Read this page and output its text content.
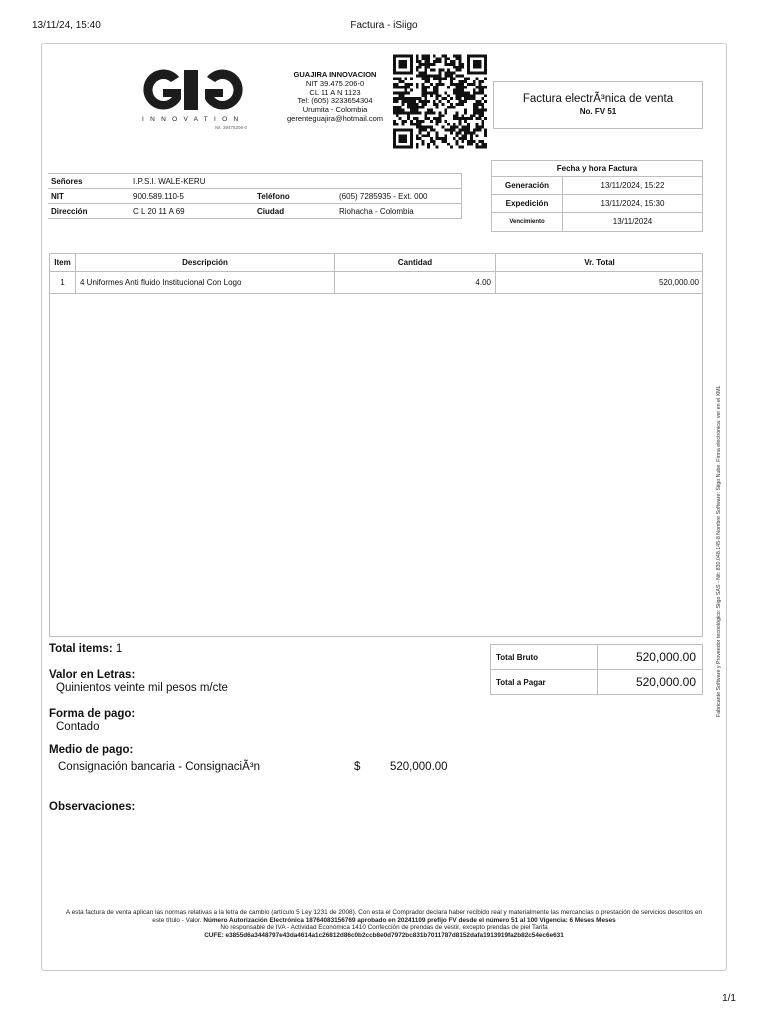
13/11/24, 15:40	Factura - iSiigo
INNOVATION
Nit. 39475206-0
GUAJIRA INNOVACION
NIT 39.475.206-0
CL 11 A N 1123
Tel: (605) 3233654304
Urumita - Colombia
gerenteguajira@hotmail.com
Factura electrÃ³nica de venta
No. FV 51
Señores	I.P.S.I. WALE-KERU
NIT	900.589.110-5	Teléfono	(605) 7285935 - Ext. 000
Dirección	C L 20 11 A 69	Ciudad	Riohacha - Colombia
Fecha y hora Factura
Generación	13/11/2024, 15:22
Expedición	13/11/2024, 15:30
Vencimiento	13/11/2024
Item	Descripción	Cantidad	Vr. Total
1	4 Uniformes Anti fluido Institucional Con Logo	4.00	520,000.00
Fabricante Software y Proveedor tecnológico: Siigo SAS - Nit: 830.048.145-8 Nombre Software: Siigo Nube. Firma electrónica: ver en el XML
Total items: 1
Valor en Letras:
Quinientos veinte mil pesos m/cte
Forma de pago:
Contado
Medio de pago:
Consignación bancaria - ConsignaciÃ³n	$	520,000.00
Observaciones:
Total Bruto	520,000.00
Total a Pagar	520,000.00
A esta factura de venta aplican las normas relativas a la letra de cambio (artículo 5 Ley 1231 de 2008). Con esta el Comprador declara haber recibido real y materialmente las mercancías o prestación de servicios descritos en este título - Valor. Número Autorización Electrónica 18764083156769 aprobado en 20241109 prefijo FV desde el número 51 al 100 Vigencia: 6 Meses Meses
No responsable de IVA - Actividad Económica 1410 Confección de prendas de vestir, excepto prendas de piel Tarifa
CUFE: e3855d6a3448797e43da4614a1c26812d86c0b2ccb8e0d7972bc831b7011787d8152dafa1913919fa2b82c54ec6e631
1/1
